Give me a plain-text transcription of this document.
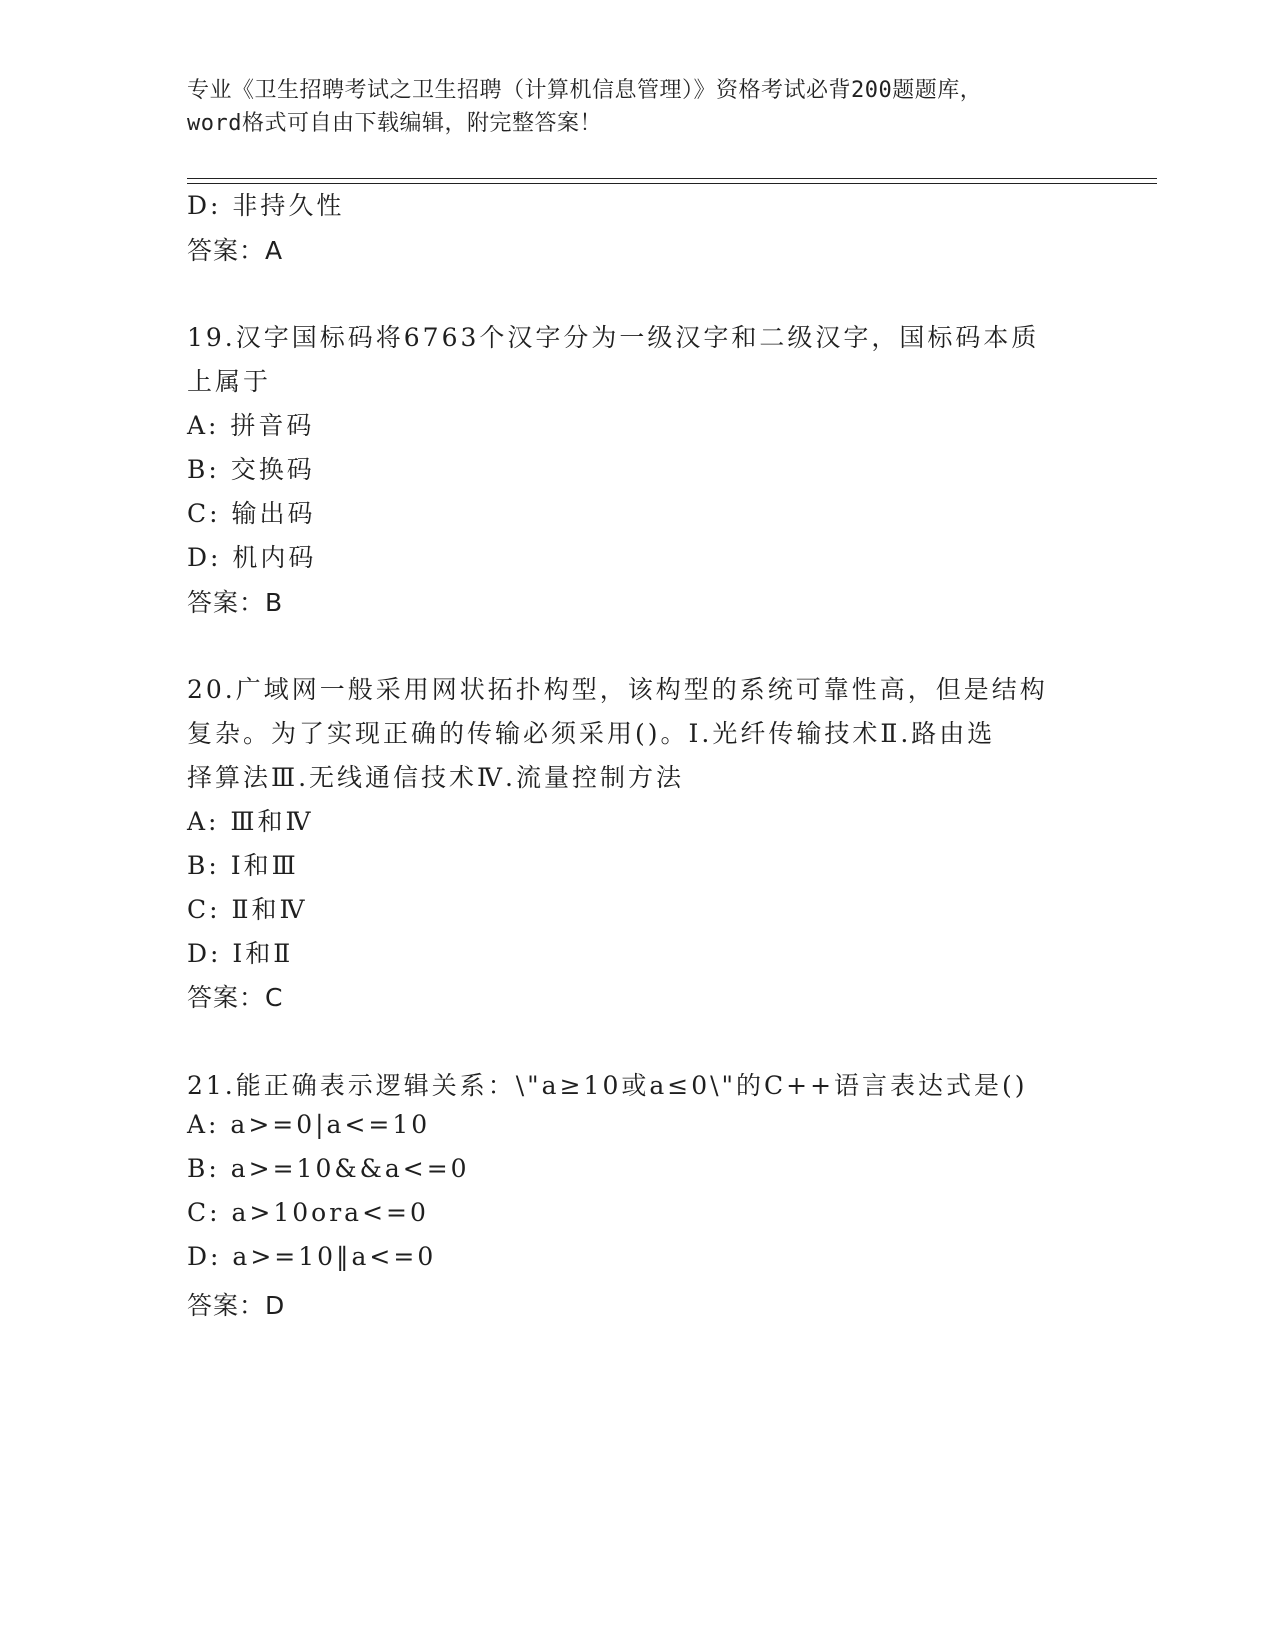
专业《卫生招聘考试之卫生招聘（计算机信息管理）》资格考试必背200题题库，
word格式可自由下载编辑，附完整答案！
D: 非持久性
答案：A
19.汉字国标码将6763个汉字分为一级汉字和二级汉字，国标码本质
上属于
A: 拼音码
B: 交换码
C: 输出码
D: 机内码
答案：B
20.广域网一般采用网状拓扑构型，该构型的系统可靠性高，但是结构
复杂。为了实现正确的传输必须采用()。Ⅰ.光纤传输技术Ⅱ.路由选
择算法Ⅲ.无线通信技术Ⅳ.流量控制方法
A: Ⅲ和Ⅳ
B: Ⅰ和Ⅲ
C: Ⅱ和Ⅳ
D: Ⅰ和Ⅱ
答案：C
21.能正确表示逻辑关系：\"a≥10或a≤0\"的C++语言表达式是()
A: a>=0|a<=10
B: a>=10&&a<=0
C: a>10ora<=0
D: a>=10‖a<=0
答案：D
